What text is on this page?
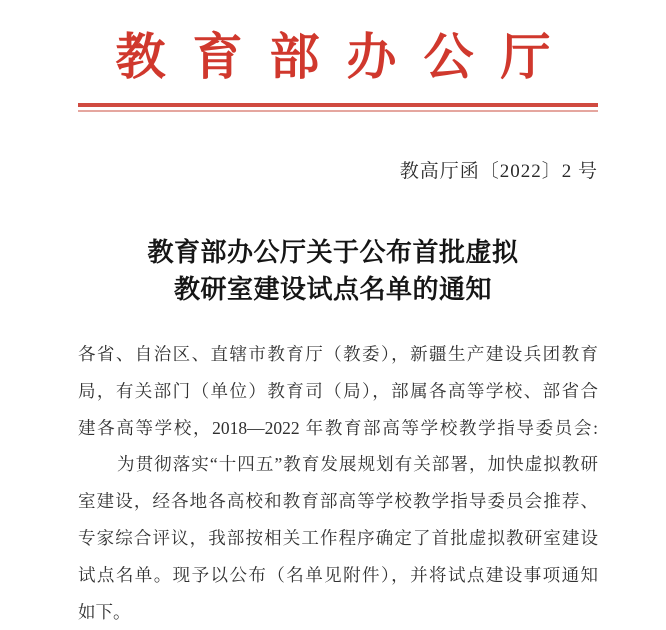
教育部办公厅
教高厅函〔2022〕2 号
教育部办公厅关于公布首批虚拟
教研室建设试点名单的通知
各省、自治区、直辖市教育厅（教委），新疆生产建设兵团教育
局，有关部门（单位）教育司（局），部属各高等学校、部省合
建各高等学校，2018—2022 年教育部高等学校教学指导委员会:
为贯彻落实“十四五”教育发展规划有关部署，加快虚拟教研
室建设，经各地各高校和教育部高等学校教学指导委员会推荐、
专家综合评议，我部按相关工作程序确定了首批虚拟教研室建设
试点名单。现予以公布（名单见附件），并将试点建设事项通知
如下。
